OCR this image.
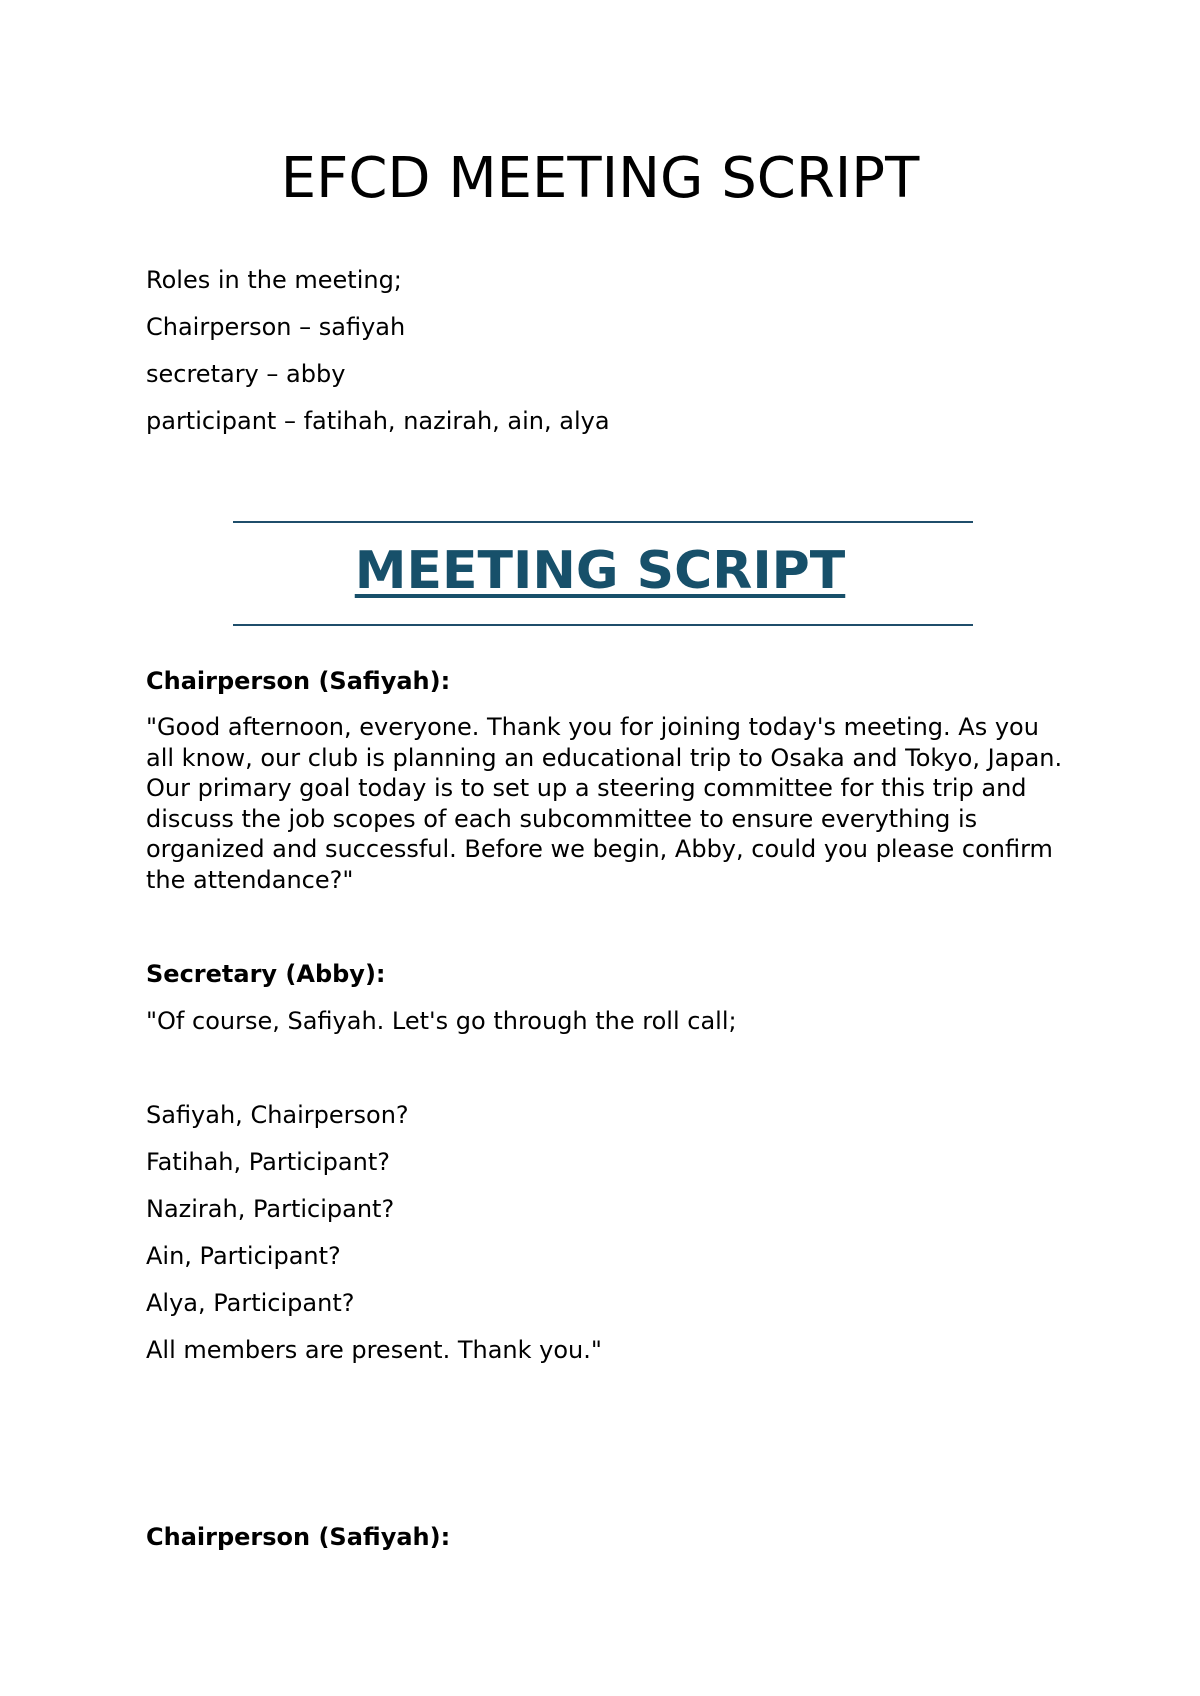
EFCD MEETING SCRIPT

Roles in the meeting;

Chairperson – safiyah

secretary – abby

participant – fatihah, nazirah, ain, alya

MEETING SCRIPT

Chairperson (Safiyah):

"Good afternoon, everyone. Thank you for joining today's meeting. As you all know, our club is planning an educational trip to Osaka and Tokyo, Japan. Our primary goal today is to set up a steering committee for this trip and discuss the job scopes of each subcommittee to ensure everything is organized and successful. Before we begin, Abby, could you please confirm the attendance?"

Secretary (Abby):

"Of course, Safiyah. Let's go through the roll call;

Safiyah, Chairperson?

Fatihah, Participant?

Nazirah, Participant?

Ain, Participant?

Alya, Participant?

All members are present. Thank you."

Chairperson (Safiyah):
